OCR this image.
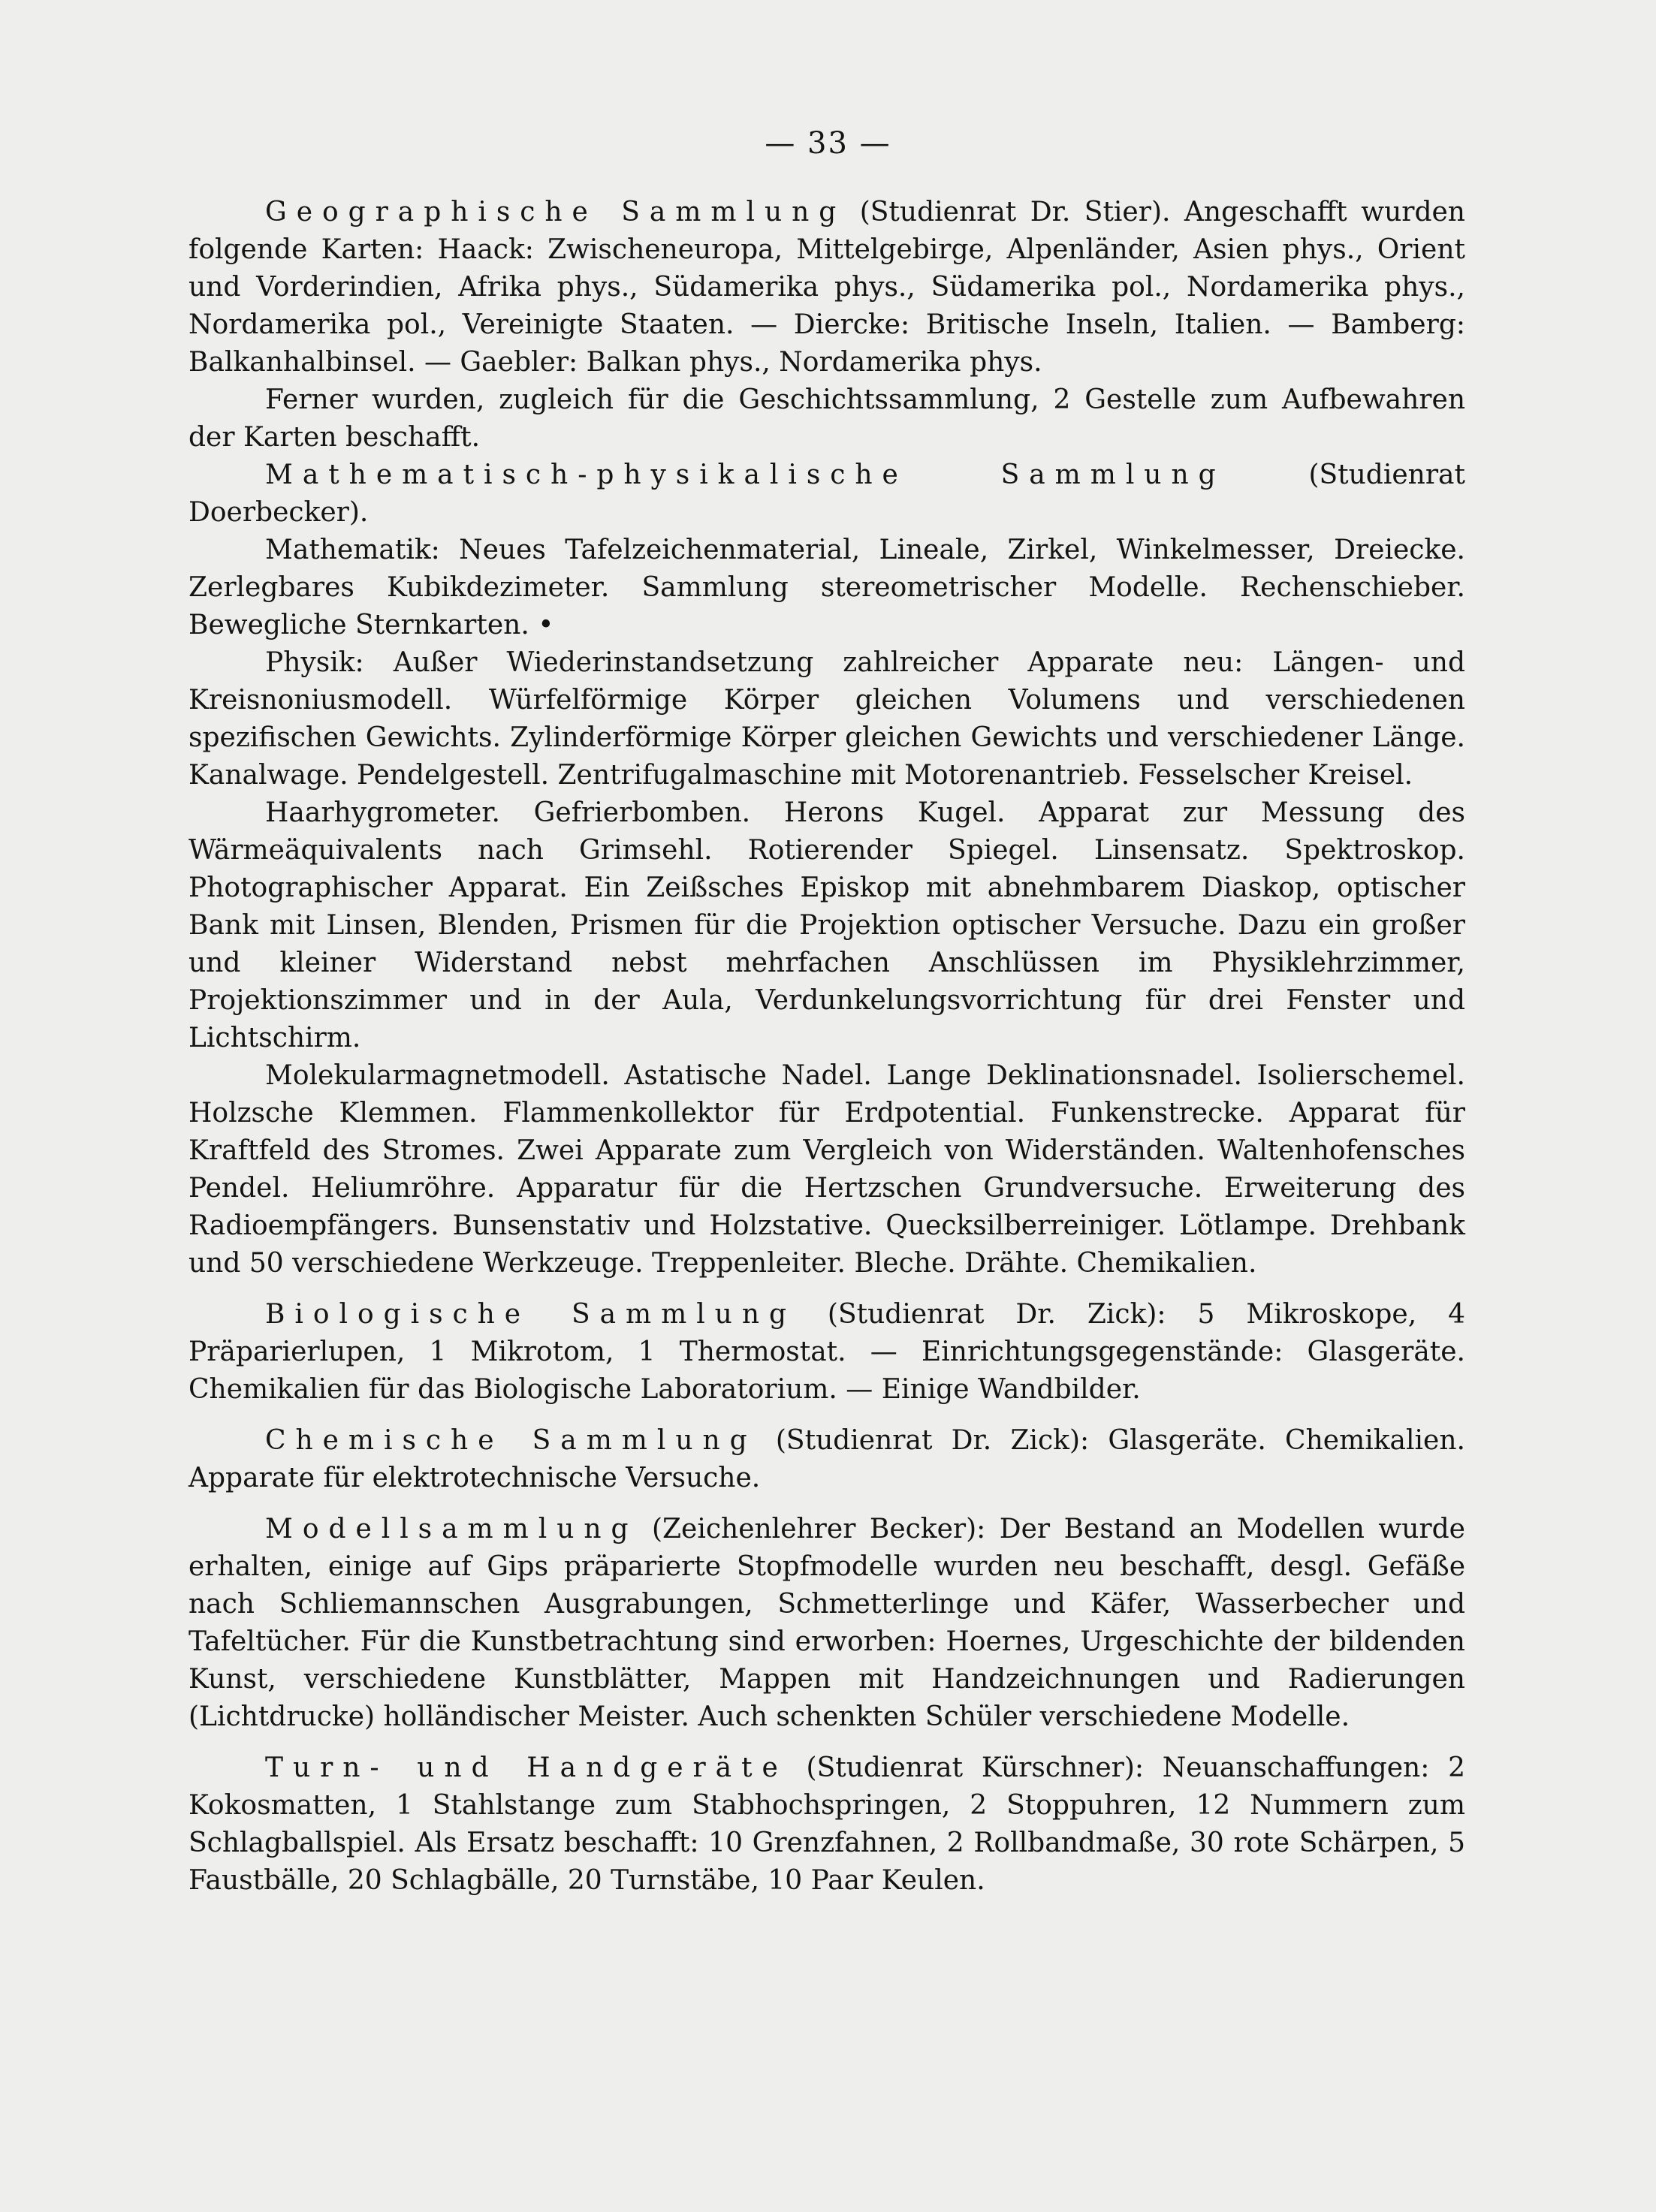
— 33 —

Geographische Sammlung (Studienrat Dr. Stier). Angeschafft wurden folgende Karten: Haack: Zwischeneuropa, Mittelgebirge, Alpenländer, Asien phys., Orient und Vorderindien, Afrika phys., Südamerika phys., Südamerika pol., Nordamerika phys., Nordamerika pol., Vereinigte Staaten. — Diercke: Britische Inseln, Italien. — Bamberg: Balkanhalbinsel. — Gaebler: Balkan phys., Nordamerika phys.

Ferner wurden, zugleich für die Geschichtssammlung, 2 Gestelle zum Aufbewahren der Karten beschafft.

Mathematisch-physikalische Sammlung (Studienrat Doerbecker).

Mathematik: Neues Tafelzeichenmaterial, Lineale, Zirkel, Winkelmesser, Dreiecke. Zerlegbares Kubikdezimeter. Sammlung stereometrischer Modelle. Rechenschieber. Bewegliche Sternkarten. •

Physik: Außer Wiederinstandsetzung zahlreicher Apparate neu: Längen- und Kreisnoniusmodell. Würfelförmige Körper gleichen Volumens und verschiedenen spezifischen Gewichts. Zylinderförmige Körper gleichen Gewichts und verschiedener Länge. Kanalwage. Pendelgestell. Zentrifugalmaschine mit Motorenantrieb. Fesselscher Kreisel.

Haarhygrometer. Gefrierbomben. Herons Kugel. Apparat zur Messung des Wärmeäquivalents nach Grimsehl. Rotierender Spiegel. Linsensatz. Spektroskop. Photographischer Apparat. Ein Zeißsches Episkop mit abnehmbarem Diaskop, optischer Bank mit Linsen, Blenden, Prismen für die Projektion optischer Versuche. Dazu ein großer und kleiner Widerstand nebst mehrfachen Anschlüssen im Physiklehrzimmer, Projektionszimmer und in der Aula, Verdunkelungsvorrichtung für drei Fenster und Lichtschirm.

Molekularmagnetmodell. Astatische Nadel. Lange Deklinationsnadel. Isolierschemel. Holzsche Klemmen. Flammenkollektor für Erdpotential. Funkenstrecke. Apparat für Kraftfeld des Stromes. Zwei Apparate zum Vergleich von Widerständen. Waltenhofensches Pendel. Heliumröhre. Apparatur für die Hertzschen Grundversuche. Erweiterung des Radioempfängers. Bunsenstativ und Holzstative. Quecksilberreiniger. Lötlampe. Drehbank und 50 verschiedene Werkzeuge. Treppenleiter. Bleche. Drähte. Chemikalien.

Biologische Sammlung (Studienrat Dr. Zick): 5 Mikroskope, 4 Präparierlupen, 1 Mikrotom, 1 Thermostat. — Einrichtungsgegenstände: Glasgeräte. Chemikalien für das Biologische Laboratorium. — Einige Wandbilder.

Chemische Sammlung (Studienrat Dr. Zick): Glasgeräte. Chemikalien. Apparate für elektrotechnische Versuche.

Modellsammlung (Zeichenlehrer Becker): Der Bestand an Modellen wurde erhalten, einige auf Gips präparierte Stopfmodelle wurden neu beschafft, desgl. Gefäße nach Schliemannschen Ausgrabungen, Schmetterlinge und Käfer, Wasserbecher und Tafeltücher. Für die Kunstbetrachtung sind erworben: Hoernes, Urgeschichte der bildenden Kunst, verschiedene Kunstblätter, Mappen mit Handzeichnungen und Radierungen (Lichtdrucke) holländischer Meister. Auch schenkten Schüler verschiedene Modelle.

Turn- und Handgeräte (Studienrat Kürschner): Neuanschaffungen: 2 Kokosmatten, 1 Stahlstange zum Stabhochspringen, 2 Stoppuhren, 12 Nummern zum Schlagballspiel. Als Ersatz beschafft: 10 Grenzfahnen, 2 Rollbandmaße, 30 rote Schärpen, 5 Faustbälle, 20 Schlagbälle, 20 Turnstäbe, 10 Paar Keulen.
